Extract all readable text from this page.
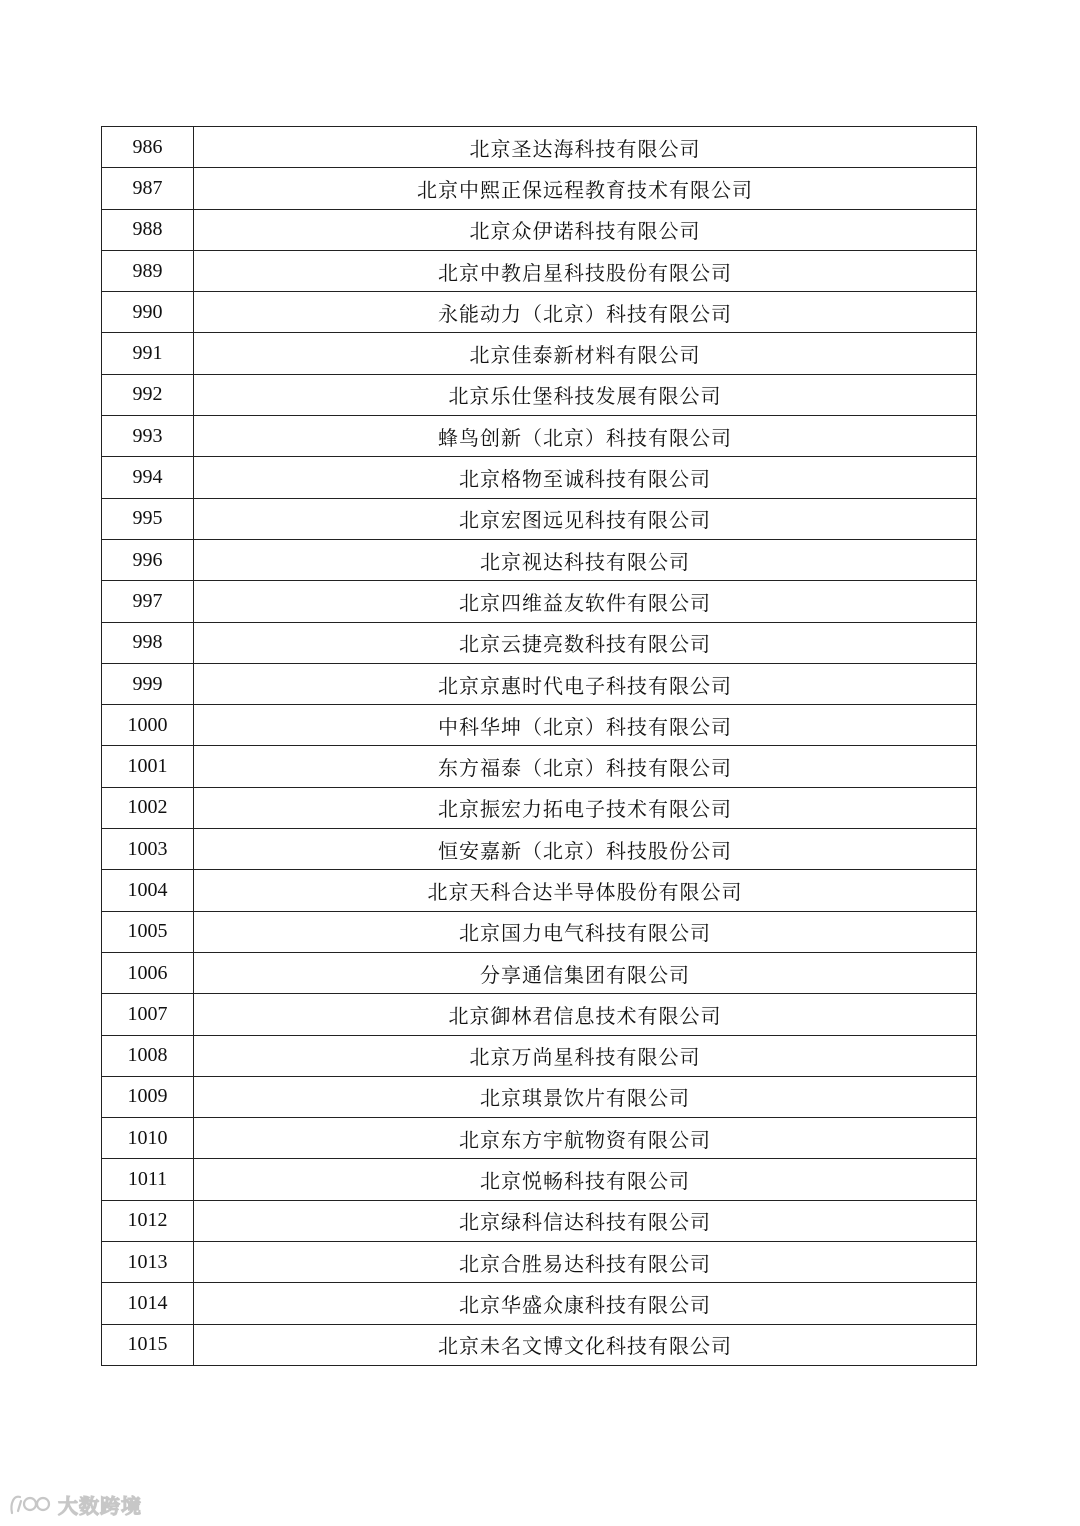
986	北京圣达海科技有限公司
987	北京中熙正保远程教育技术有限公司
988	北京众伊诺科技有限公司
989	北京中教启星科技股份有限公司
990	永能动力（北京）科技有限公司
991	北京佳泰新材料有限公司
992	北京乐仕堡科技发展有限公司
993	蜂鸟创新（北京）科技有限公司
994	北京格物至诚科技有限公司
995	北京宏图远见科技有限公司
996	北京视达科技有限公司
997	北京四维益友软件有限公司
998	北京云捷亮数科技有限公司
999	北京京惠时代电子科技有限公司
1000	中科华坤（北京）科技有限公司
1001	东方福泰（北京）科技有限公司
1002	北京振宏力拓电子技术有限公司
1003	恒安嘉新（北京）科技股份公司
1004	北京天科合达半导体股份有限公司
1005	北京国力电气科技有限公司
1006	分享通信集团有限公司
1007	北京御林君信息技术有限公司
1008	北京万尚星科技有限公司
1009	北京琪景饮片有限公司
1010	北京东方宇航物资有限公司
1011	北京悦畅科技有限公司
1012	北京绿科信达科技有限公司
1013	北京合胜易达科技有限公司
1014	北京华盛众康科技有限公司
1015	北京未名文博文化科技有限公司
大数跨境
